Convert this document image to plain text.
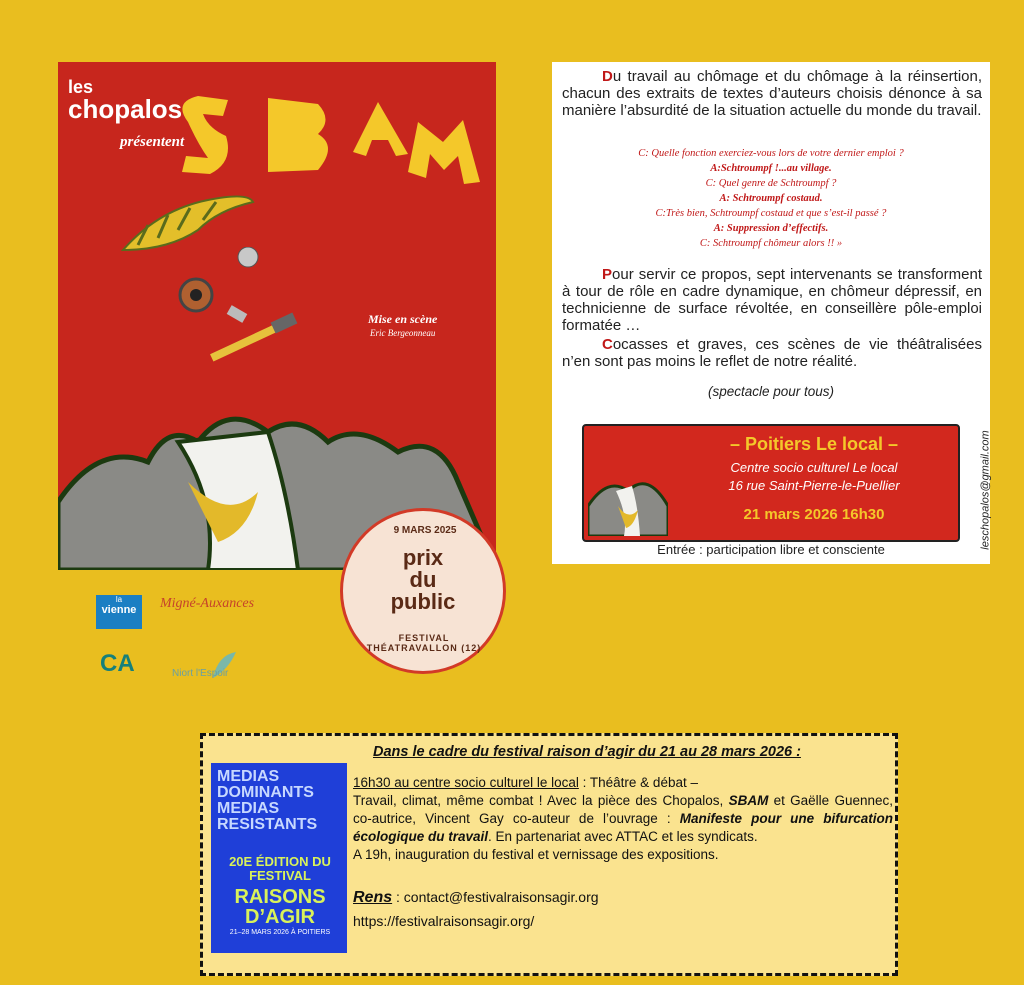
les
chopalos
présentent
Mise en scène
Eric Bergeonneau

Du travail au chômage et du chômage à la réinsertion, chacun des extraits de textes d’auteurs choisis dénonce à sa manière l’absurdité de la situation actuelle du monde du travail.

C: Quelle fonction exerciez-vous lors de votre dernier emploi ?
A:Schtroumpf !...au village.
C: Quel genre de Schtroumpf ?
A: Schtroumpf costaud.
C:Très bien, Schtroumpf costaud et que s’est-il passé ?
A: Suppression d’effectifs.
C: Schtroumpf chômeur alors !! »

Pour servir ce propos, sept intervenants se transforment à tour de rôle en cadre dynamique, en chômeur dépressif, en technicienne de surface révoltée, en conseillère pôle-emploi formatée …

Cocasses et graves, ces scènes de vie théâtralisées n’en sont pas moins le reflet de notre réalité.

(spectacle pour tous)
– Poitiers Le local –
Centre socio culturel Le local
16 rue Saint-Pierre-le-Puellier
21 mars 2026 16h30
Entrée : participation libre et consciente	leschopalos@gmail.com
9 MARS 2025
prix
du
public
FESTIVAL THÉATRAVALLON (12)
la
vienne	Migné-Auxances
CA	Niort l'Espoir
MEDIAS DOMINANTS
MEDIAS RESISTANTS
20E ÉDITION DU FESTIVAL
RAISONS D’AGIR
21–28 MARS 2026 À POITIERS
Dans le cadre du festival raison d’agir du 21 au 28 mars 2026 :
16h30 au centre socio culturel le local : Théâtre & débat –
Travail, climat, même combat ! Avec la pièce des Chopalos, SBAM et Gaëlle Guennec, co-autrice, Vincent Gay co-auteur de l’ouvrage : Manifeste pour une bifurcation écologique du travail. En partenariat avec ATTAC et les syndicats.
A 19h, inauguration du festival et vernissage des expositions.
Rens : contact@festivalraisonsagir.org
https://festivalraisonsagir.org/
